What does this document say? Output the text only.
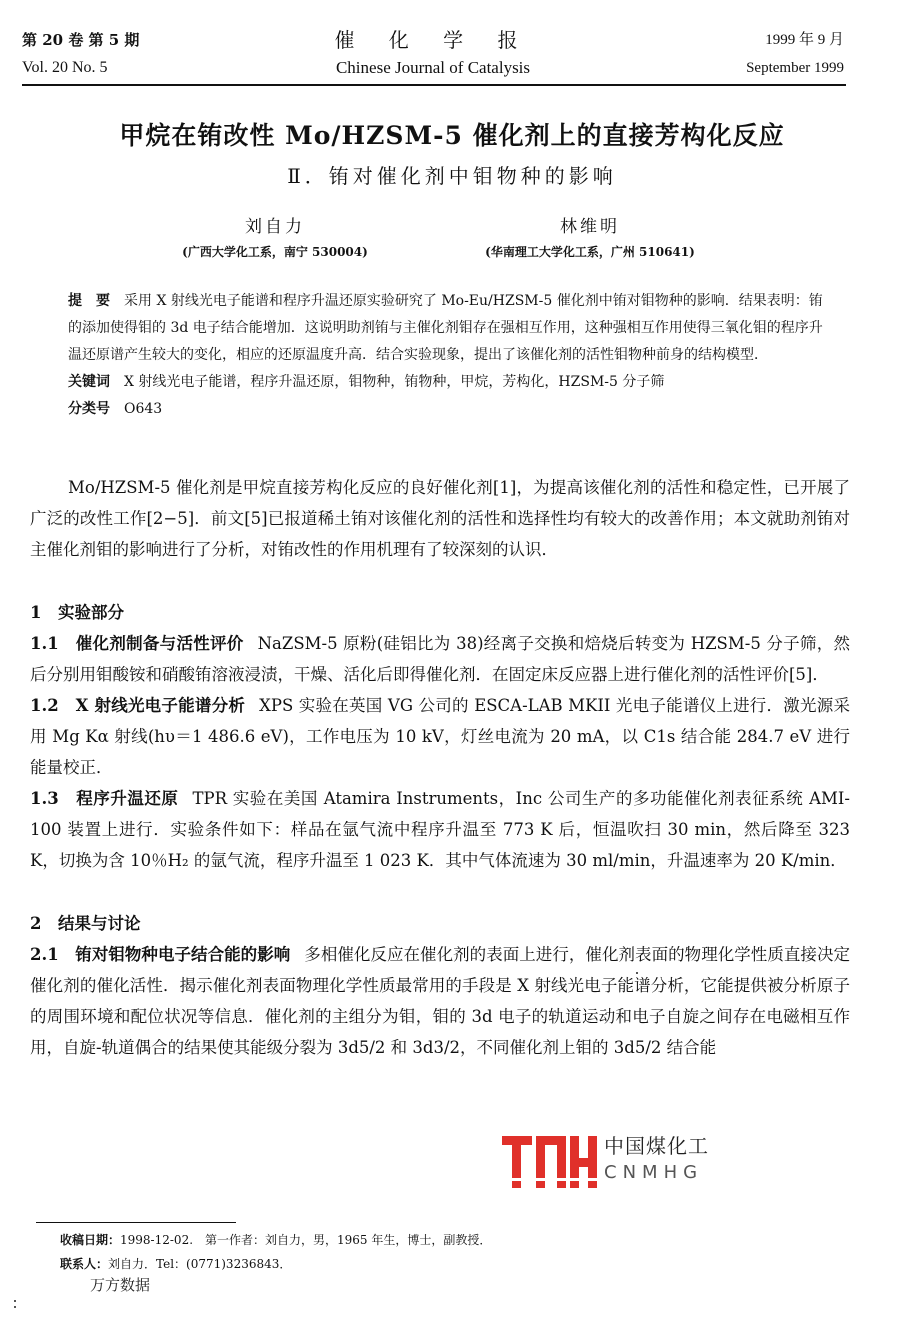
第 20 卷 第 5 期
Vol. 20 No. 5
催 化 学 报
Chinese Journal of Catalysis
1999 年 9 月
September 1999
甲烷在铕改性 Mo/HZSM-5 催化剂上的直接芳构化反应
Ⅱ．铕对催化剂中钼物种的影响
刘自力
(广西大学化工系，南宁 530004)
林维明
(华南理工大学化工系，广州 510641)

提　要　 采用 X 射线光电子能谱和程序升温还原实验研究了 Mo-Eu/HZSM-5 催化剂中铕对钼物种的影响．结果表明：铕的添加使得钼的 3d 电子结合能增加．这说明助剂铕与主催化剂钼存在强相互作用，这种强相互作用使得三氧化钼的程序升温还原谱产生较大的变化，相应的还原温度升高．结合实验现象，提出了该催化剂的活性钼物种前身的结构模型．

关键词　 X 射线光电子能谱，程序升温还原，钼物种，铕物种，甲烷，芳构化，HZSM-5 分子筛

分类号　 O643

Mo/HZSM-5 催化剂是甲烷直接芳构化反应的良好催化剂[1]，为提高该催化剂的活性和稳定性，已开展了广泛的改性工作[2−5]．前文[5]已报道稀土铕对该催化剂的活性和选择性均有较大的改善作用；本文就助剂铕对主催化剂钼的影响进行了分析，对铕改性的作用机理有了较深刻的认识．

1　实验部分

1.1　催化剂制备与活性评价 NaZSM-5 原粉(硅铝比为 38)经离子交换和焙烧后转变为 HZSM-5 分子筛，然后分别用钼酸铵和硝酸铕溶液浸渍，干燥、活化后即得催化剂．在固定床反应器上进行催化剂的活性评价[5]．

1.2　X 射线光电子能谱分析 XPS 实验在英国 VG 公司的 ESCA-LAB MKII 光电子能谱仪上进行．激光源采用 Mg Kα 射线(hυ＝1 486.6 eV)，工作电压为 10 kV，灯丝电流为 20 mA，以 C1s 结合能 284.7 eV 进行能量校正．

1.3　程序升温还原 TPR 实验在美国 Atamira Instruments，Inc 公司生产的多功能催化剂表征系统 AMI-100 装置上进行．实验条件如下：样品在氩气流中程序升温至 773 K 后，恒温吹扫 30 min，然后降至 323 K，切换为含 10％H₂ 的氩气流，程序升温至 1 023 K．其中气体流速为 30 ml/min，升温速率为 20 K/min．

2　结果与讨论

2.1　铕对钼物种电子结合能的影响 多相催化反应在催化剂的表面上进行，催化剂表面的物理化学性质直接决定催化剂的催化活性．揭示催化剂表面物理化学性质最常用的手段是 X 射线光电子能谱分析，它能提供被分析原子的周围环境和配位状况等信息．催化剂的主组分为钼，钼的 3d 电子的轨道运动和电子自旋之间存在电磁相互作用，自旋-轨道偶合的结果使其能级分裂为 3d5/2 和 3d3/2，不同催化剂上钼的 3d5/2 结合能

中国煤化工
CNMHG

收稿日期：1998-12-02.　第一作者：刘自力，男，1965 年生，博士，副教授．

联系人：刘自力．Tel：(0771)3236843．

万方数据
